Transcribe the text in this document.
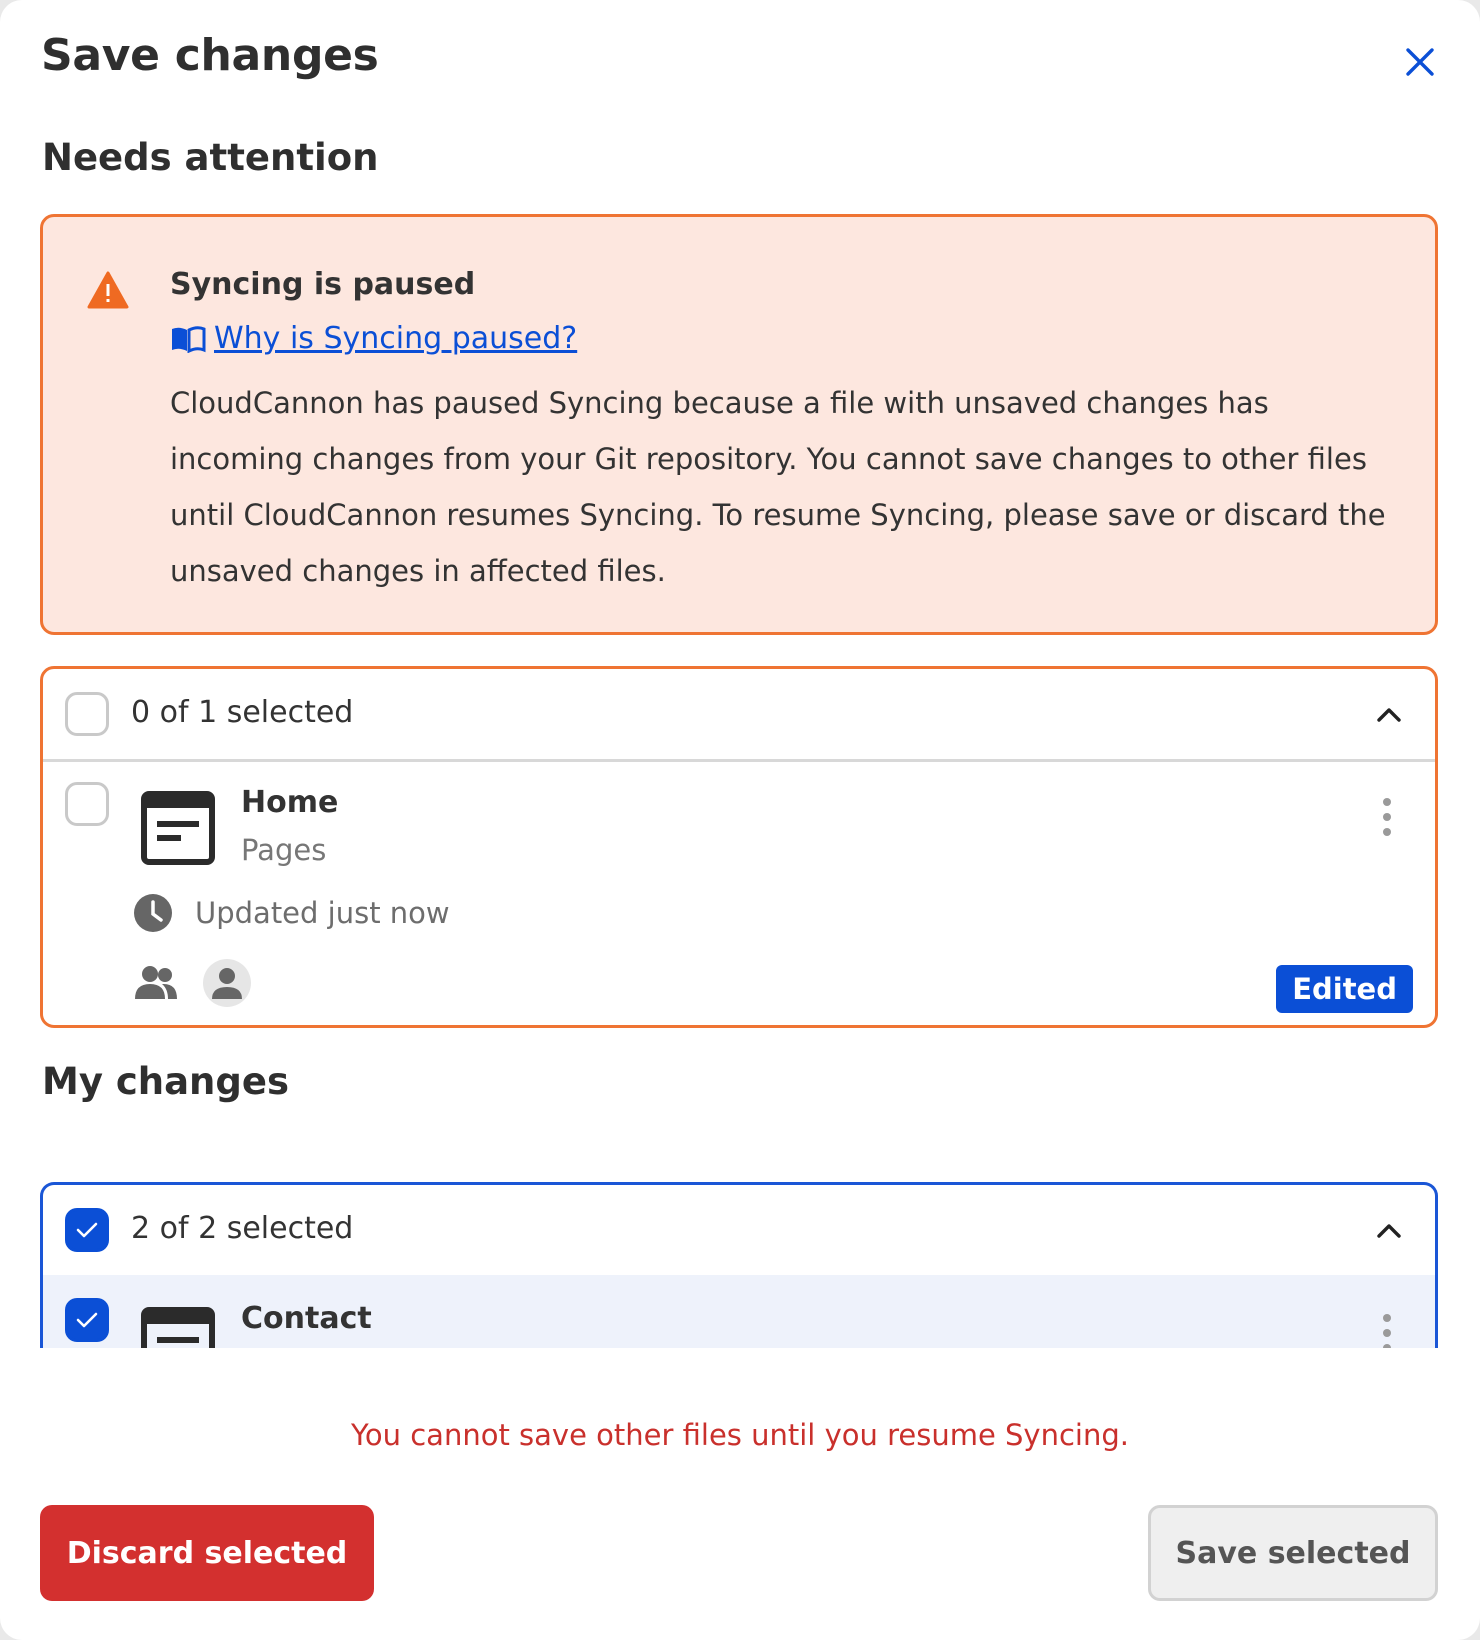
Save changes
Needs attention
Syncing is paused
Why is Syncing paused?
CloudCannon has paused Syncing because a file with unsaved changes has incoming changes from your Git repository. You cannot save changes to other files until CloudCannon resumes Syncing. To resume Syncing, please save or discard the unsaved changes in affected files.
0 of 1 selected
Home
Pages
Updated just now
Edited
My changes
2 of 2 selected
Contact
You cannot save other files until you resume Syncing.
Discard selected	Save selected
